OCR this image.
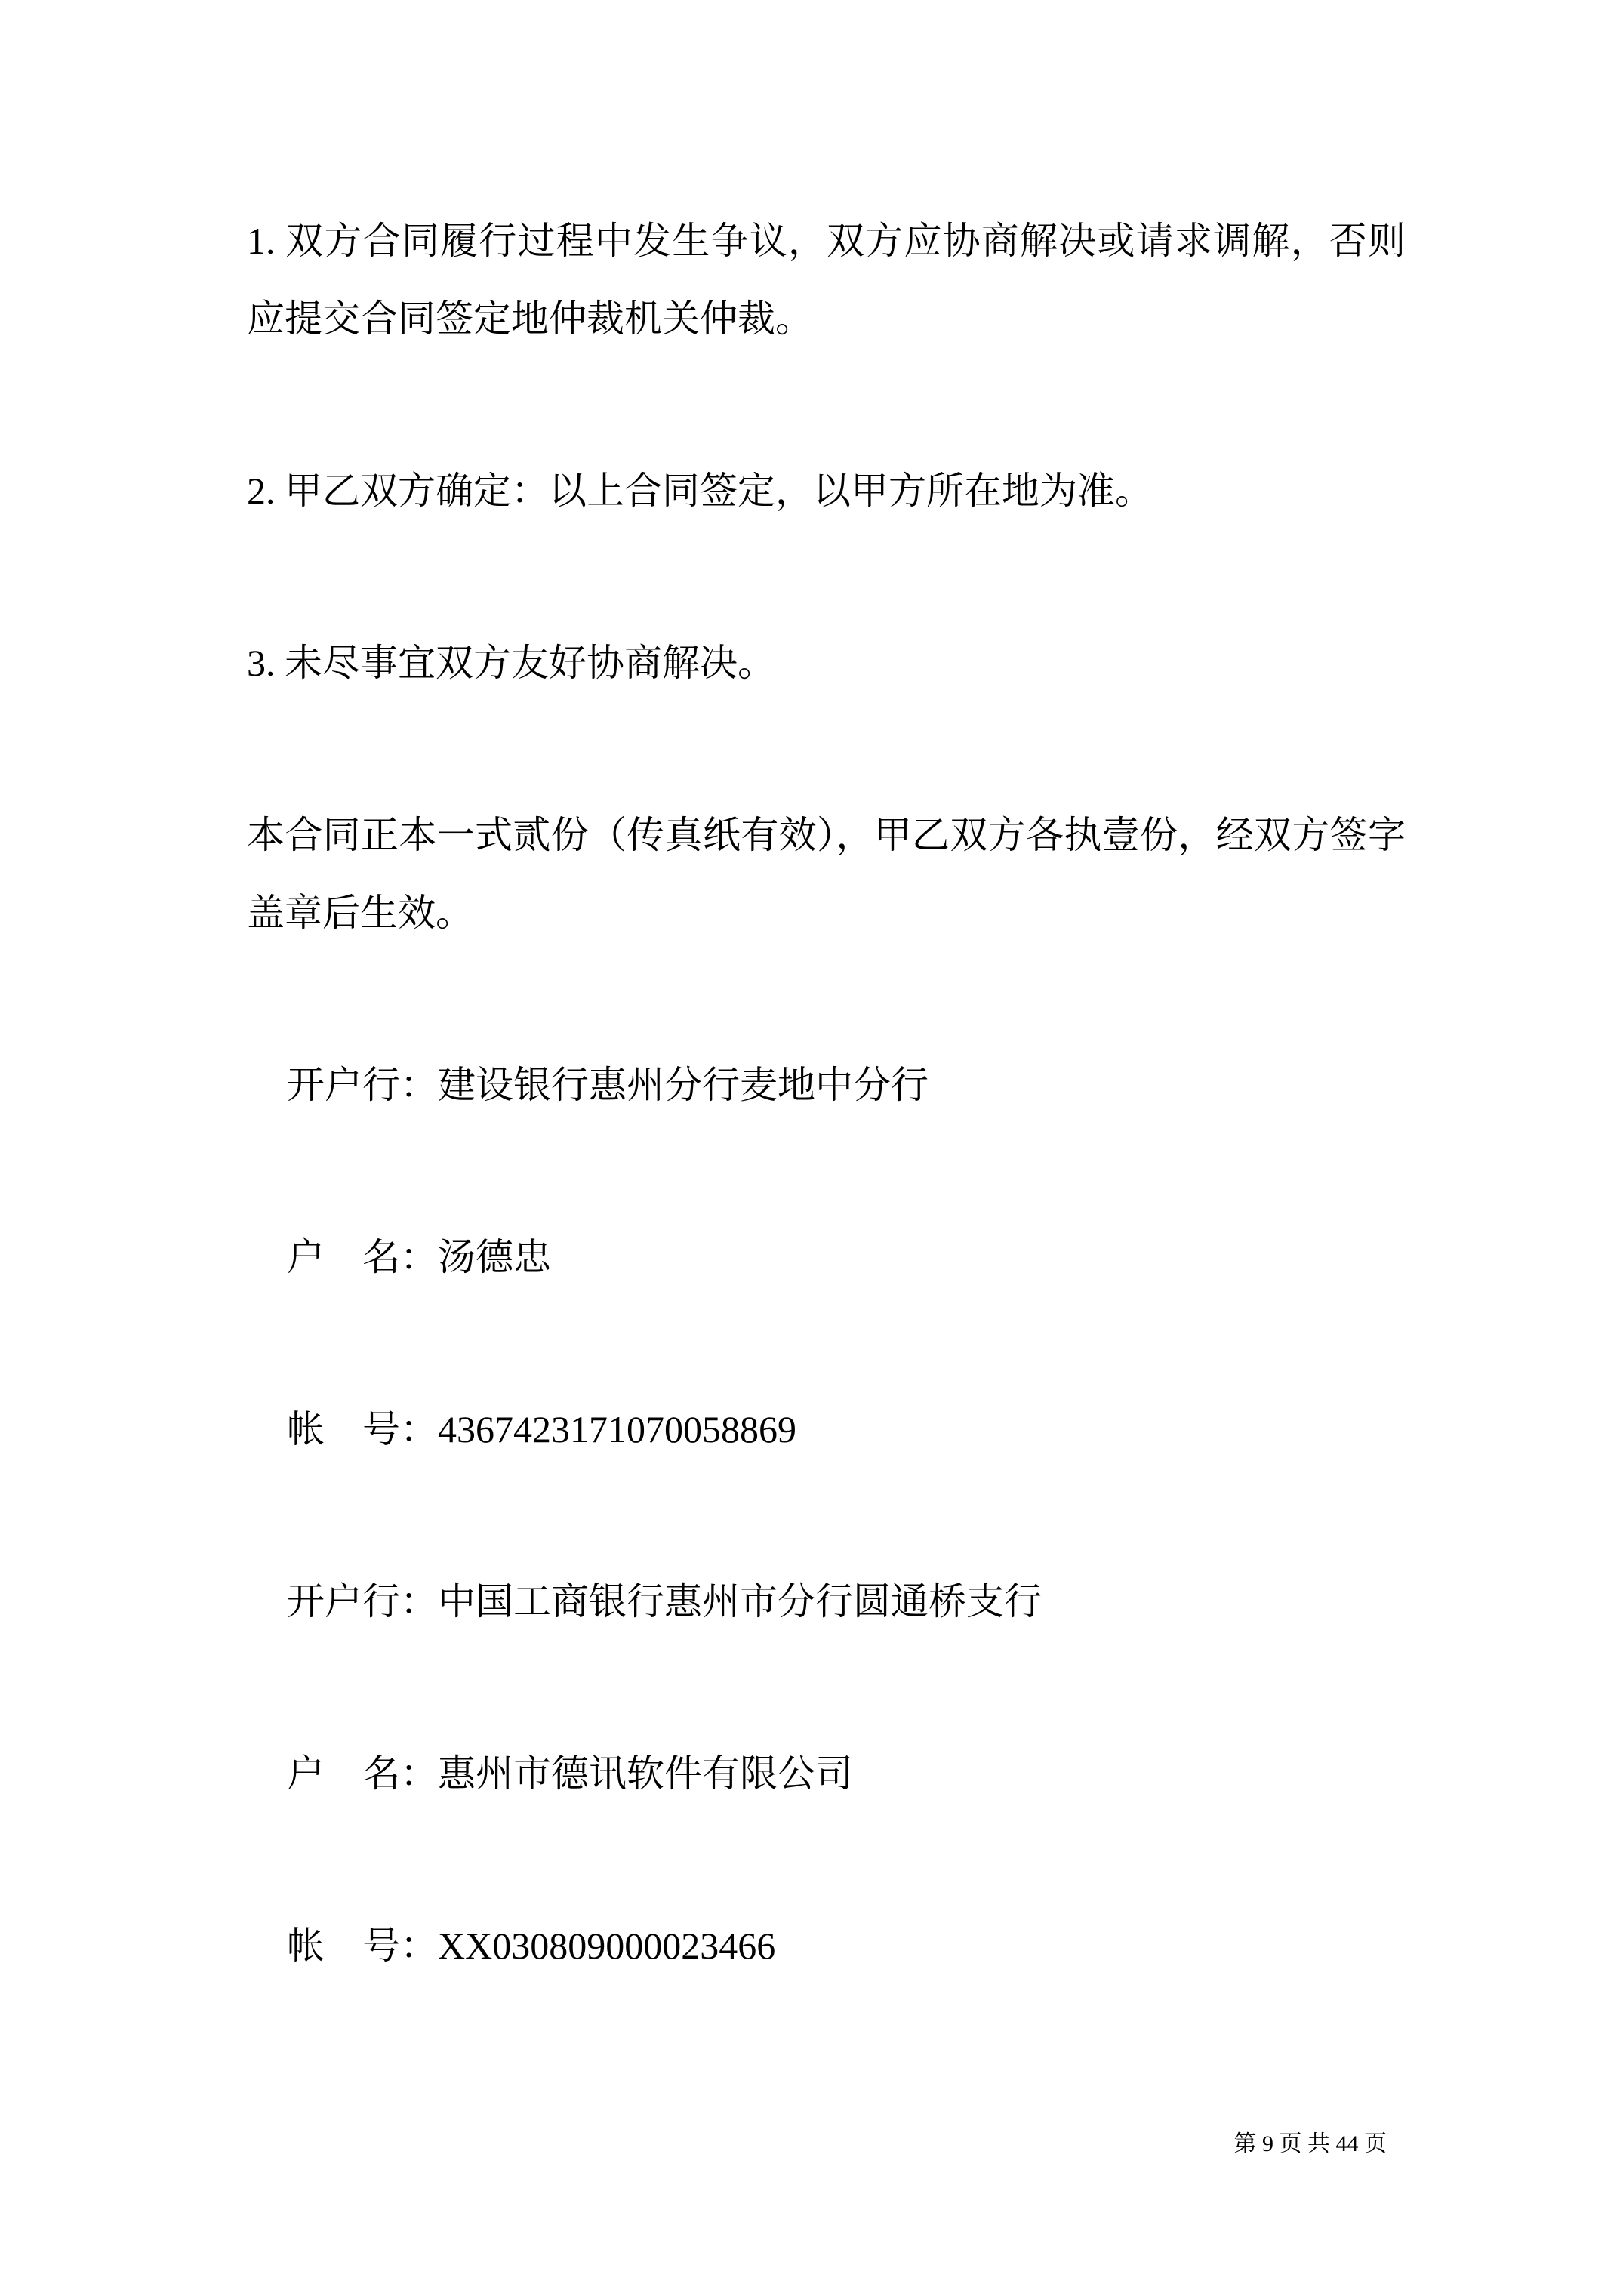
1. 双方合同履行过程中发生争议，双方应协商解决或请求调解，否则应提交合同签定地仲裁机关仲裁。

2. 甲乙双方确定：以上合同签定，以甲方所在地为准。

3. 未尽事宜双方友好协商解决。

本合同正本一式贰份（传真纸有效），甲乙双方各执壹份，经双方签字盖章后生效。

开户行：建设银行惠州分行麦地中分行

户　名：汤德忠

帐　号：4367423171070058869

开户行：中国工商银行惠州市分行圆通桥支行

户　名：惠州市德讯软件有限公司

帐　号：XX030809000023466

第 9 页 共 44 页
